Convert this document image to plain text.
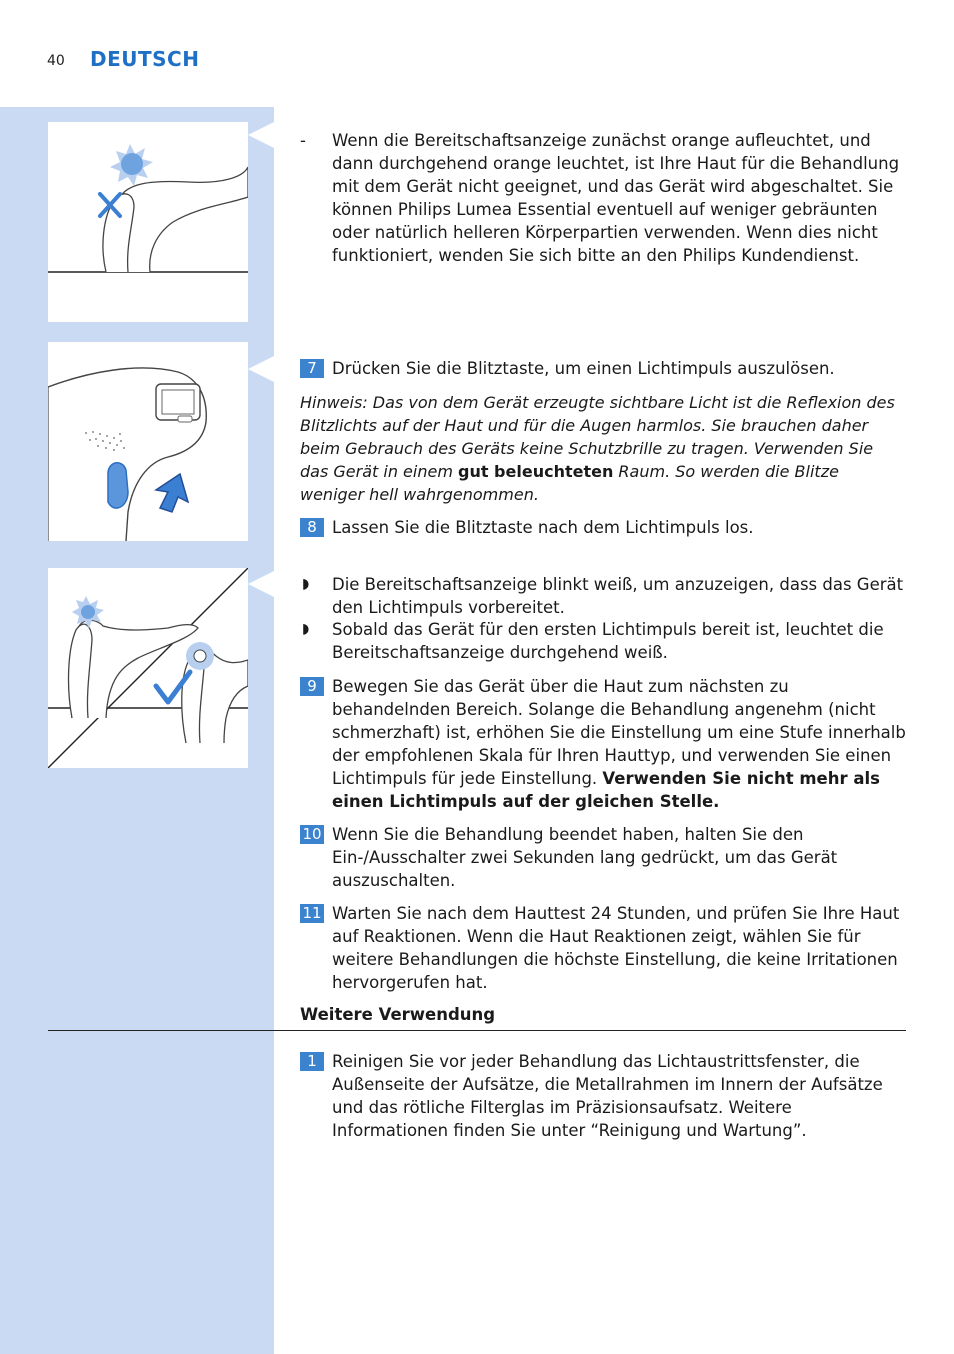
40 DEUTSCH
- Wenn die Bereitschaftsanzeige zunächst orange aufleuchtet, und dann durchgehend orange leuchtet, ist Ihre Haut für die Behandlung mit dem Gerät nicht geeignet, und das Gerät wird abgeschaltet. Sie können Philips Lumea Essential eventuell auf weniger gebräunten oder natürlich helleren Körperpartien verwenden. Wenn dies nicht funktioniert, wenden Sie sich bitte an den Philips Kundendienst.
7 Drücken Sie die Blitztaste, um einen Lichtimpuls auszulösen.
Hinweis: Das von dem Gerät erzeugte sichtbare Licht ist die Reflexion des Blitzlichts auf der Haut und für die Augen harmlos. Sie brauchen daher beim Gebrauch des Geräts keine Schutzbrille zu tragen. Verwenden Sie das Gerät in einem gut beleuchteten Raum. So werden die Blitze weniger hell wahrgenommen.
8 Lassen Sie die Blitztaste nach dem Lichtimpuls los.
◗ Die Bereitschaftsanzeige blinkt weiß, um anzuzeigen, dass das Gerät den Lichtimpuls vorbereitet.
◗ Sobald das Gerät für den ersten Lichtimpuls bereit ist, leuchtet die Bereitschaftsanzeige durchgehend weiß.
9 Bewegen Sie das Gerät über die Haut zum nächsten zu behandelnden Bereich. Solange die Behandlung angenehm (nicht schmerzhaft) ist, erhöhen Sie die Einstellung um eine Stufe innerhalb der empfohlenen Skala für Ihren Hauttyp, und verwenden Sie einen Lichtimpuls für jede Einstellung. Verwenden Sie nicht mehr als einen Lichtimpuls auf der gleichen Stelle.
10 Wenn Sie die Behandlung beendet haben, halten Sie den Ein-/Ausschalter zwei Sekunden lang gedrückt, um das Gerät auszuschalten.
11 Warten Sie nach dem Hauttest 24 Stunden, und prüfen Sie Ihre Haut auf Reaktionen. Wenn die Haut Reaktionen zeigt, wählen Sie für weitere Behandlungen die höchste Einstellung, die keine Irritationen hervorgerufen hat.
Weitere Verwendung
1 Reinigen Sie vor jeder Behandlung das Lichtaustrittsfenster, die Außenseite der Aufsätze, die Metallrahmen im Innern der Aufsätze und das rötliche Filterglas im Präzisionsaufsatz. Weitere Informationen finden Sie unter “Reinigung und Wartung”.
